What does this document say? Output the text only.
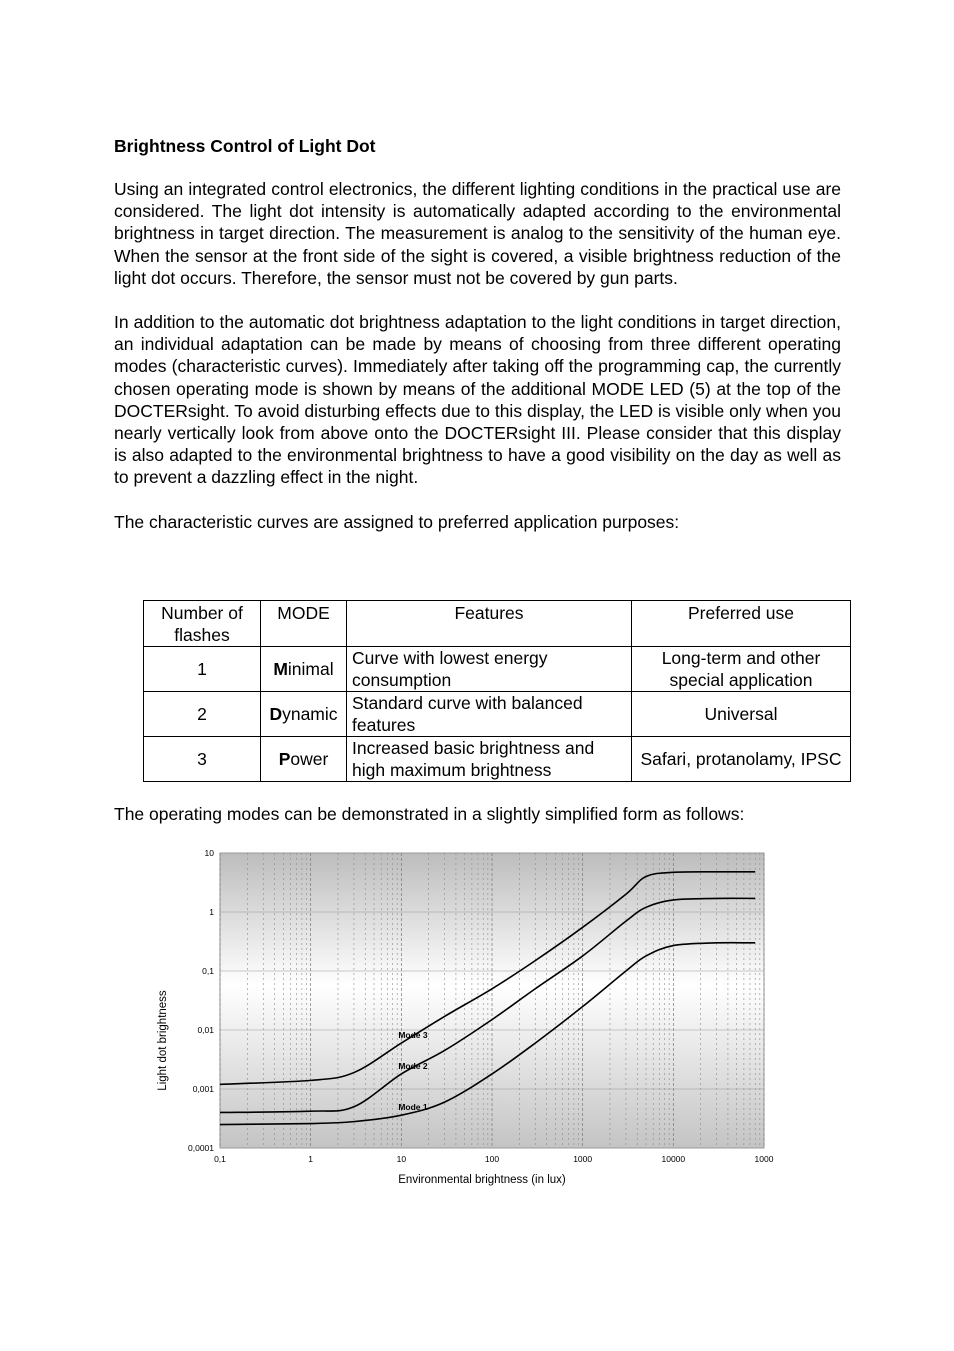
Brightness Control of Light Dot

Using an integrated control electronics, the different lighting conditions in the practical use are considered. The light dot intensity is automatically adapted according to the environmental brightness in target direction. The measurement is analog to the sensitivity of the human eye. When the sensor at the front side of the sight is covered, a visible brightness reduction of the light dot occurs. Therefore, the sensor must not be covered by gun parts.

In addition to the automatic dot brightness adaptation to the light conditions in target direction, an individual adaptation can be made by means of choosing from three different operating modes (characteristic curves). Immediately after taking off the programming cap, the currently chosen operating mode is shown by means of the additional MODE LED (5) at the top of the DOCTERsight. To avoid disturbing effects due to this display, the LED is visible only when you nearly vertically look from above onto the DOCTERsight III. Please consider that this display is also adapted to the environmental brightness to have a good visibility on the day as well as to prevent a dazzling effect in the night.

The characteristic curves are assigned to preferred application purposes:

Number of flashes	MODE	Features	Preferred use
1	Minimal	Curve with lowest energy consumption	Long-term and other special application
2	Dynamic	Standard curve with balanced features	Universal
3	Power	Increased basic brightness and high maximum brightness	Safari, protanolamy, IPSC
The operating modes can be demonstrated in a slightly simplified form as follows:
0,1	1	10	100	1000	10000	1000
10
1
0,1
0,01
0,001
0,0001
Environmental brightness (in lux)
Light dot brightness	Mode 3
Mode 2
Mode 1
